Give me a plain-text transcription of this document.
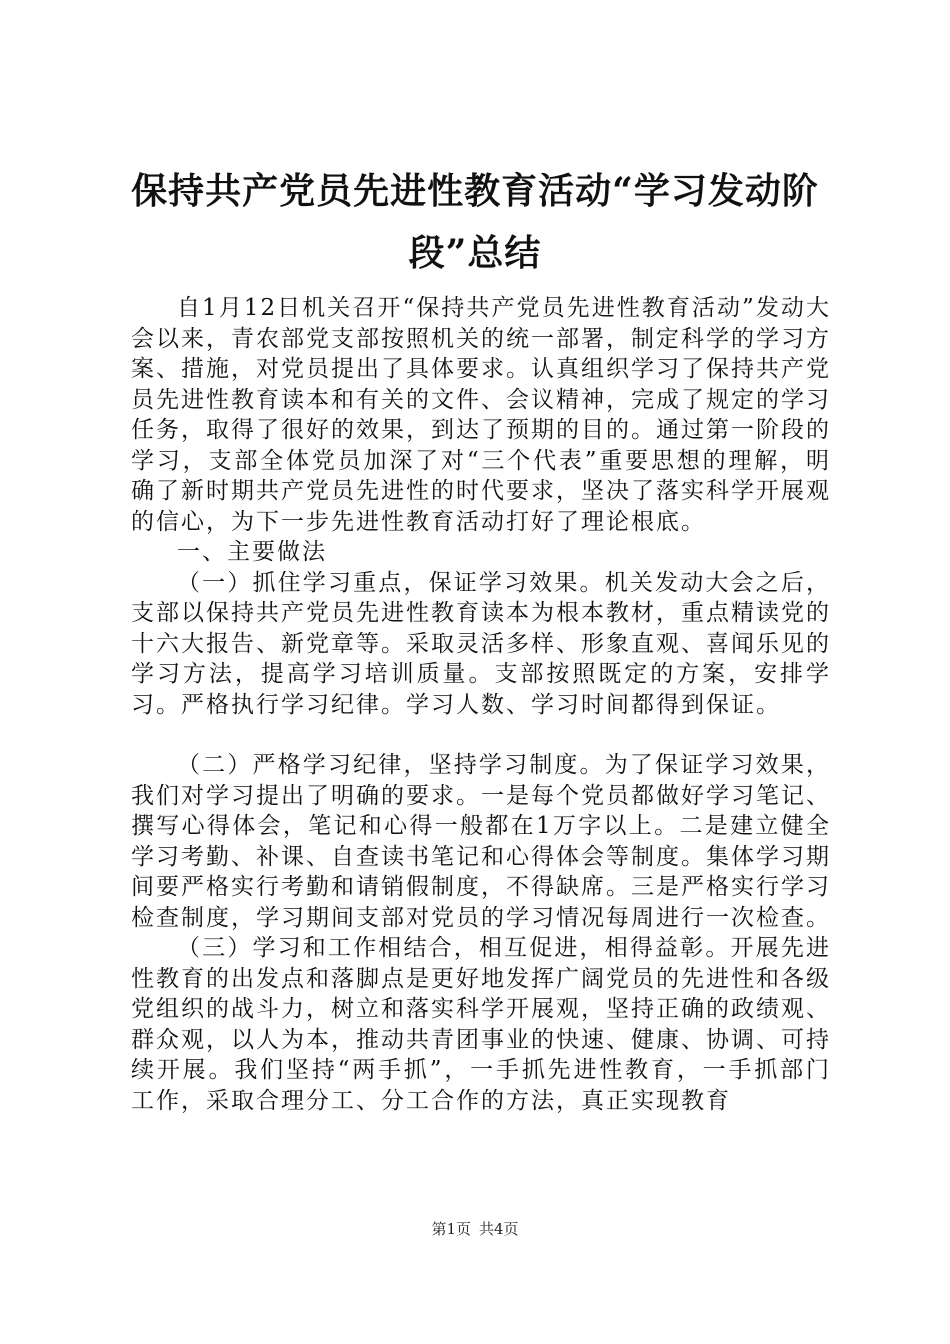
保持共产党员先进性教育活动“学习发动阶段”总结

自1月12日机关召开“保持共产党员先进性教育活动”发动大会以来，青农部党支部按照机关的统一部署，制定科学的学习方案、措施，对党员提出了具体要求。认真组织学习了保持共产党员先进性教育读本和有关的文件、会议精神，完成了规定的学习任务，取得了很好的效果，到达了预期的目的。通过第一阶段的学习，支部全体党员加深了对“三个代表”重要思想的理解，明确了新时期共产党员先进性的时代要求，坚决了落实科学开展观的信心，为下一步先进性教育活动打好了理论根底。

一、主要做法

（一）抓住学习重点，保证学习效果。机关发动大会之后，支部以保持共产党员先进性教育读本为根本教材，重点精读党的十六大报告、新党章等。采取灵活多样、形象直观、喜闻乐见的学习方法，提高学习培训质量。支部按照既定的方案，安排学习。严格执行学习纪律。学习人数、学习时间都得到保证。

（二）严格学习纪律，坚持学习制度。为了保证学习效果，我们对学习提出了明确的要求。一是每个党员都做好学习笔记、撰写心得体会，笔记和心得一般都在1万字以上。二是建立健全学习考勤、补课、自查读书笔记和心得体会等制度。集体学习期间要严格实行考勤和请销假制度，不得缺席。三是严格实行学习检查制度，学习期间支部对党员的学习情况每周进行一次检查。

（三）学习和工作相结合，相互促进，相得益彰。开展先进性教育的出发点和落脚点是更好地发挥广阔党员的先进性和各级党组织的战斗力，树立和落实科学开展观，坚持正确的政绩观、群众观，以人为本，推动共青团事业的快速、健康、协调、可持续开展。我们坚持“两手抓”，一手抓先进性教育，一手抓部门工作，采取合理分工、分工合作的方法，真正实现教育

第1页 共4页
